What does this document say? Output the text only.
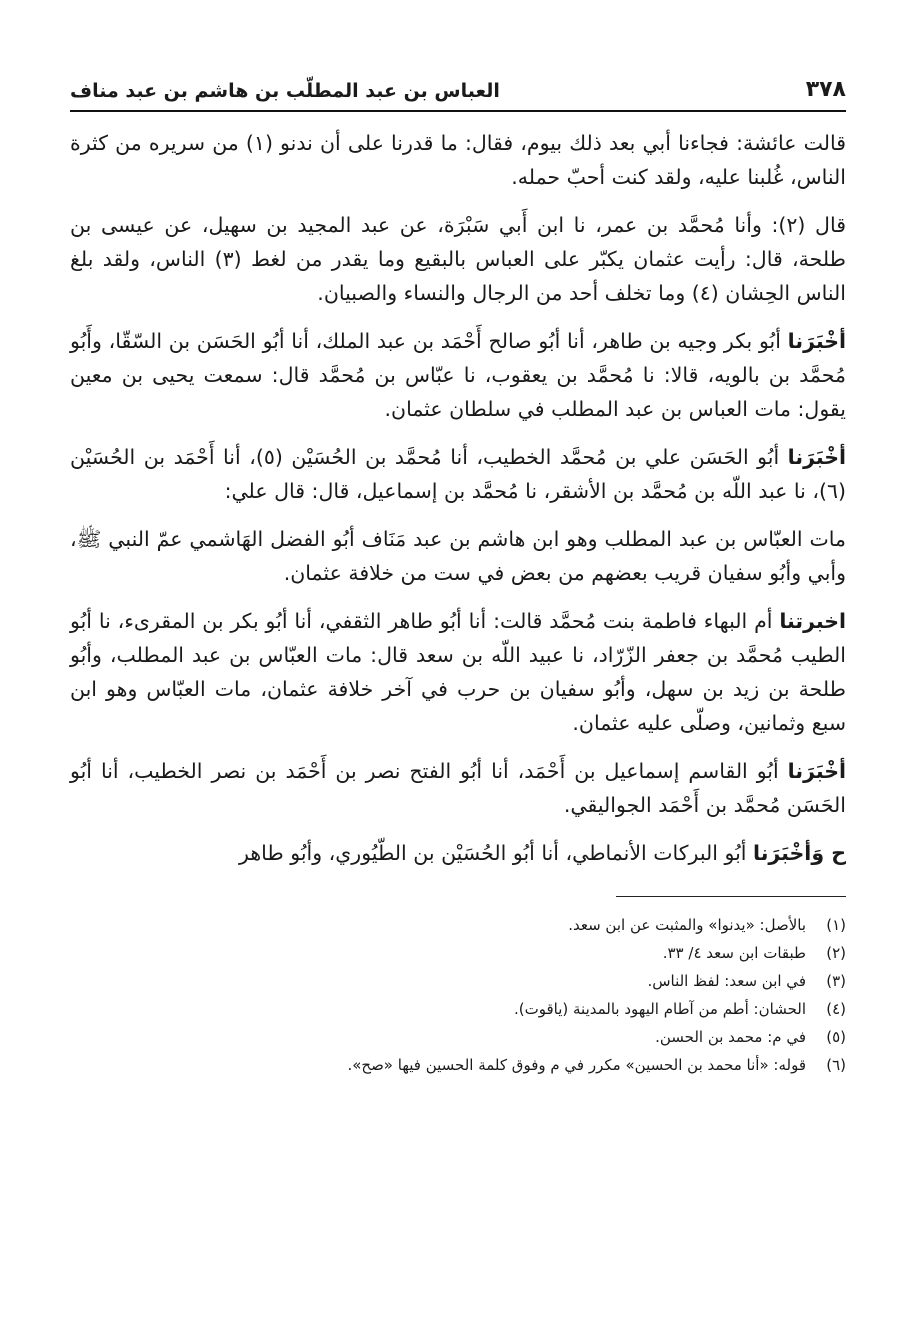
٣٧٨
العباس بن عبد المطلّب بن هاشم بن عبد مناف

قالت عائشة: فجاءنا أبي بعد ذلك بيوم، فقال: ما قدرنا على أن ندنو (١) من سريره من كثرة الناس، غُلبنا عليه، ولقد كنت أحبّ حمله.

قال (٢): وأنا مُحمَّد بن عمر، نا ابن أَبي سَبْرَة، عن عبد المجيد بن سهيل، عن عيسى بن طلحة، قال: رأيت عثمان يكبّر على العباس بالبقيع وما يقدر من لغط (٣) الناس، ولقد بلغ الناس الحِشان (٤) وما تخلف أحد من الرجال والنساء والصبيان.

أخْبَرَنا أبُو بكر وجيه بن طاهر، أنا أبُو صالح أَحْمَد بن عبد الملك، أنا أبُو الحَسَن بن السّقّا، وأَبُو مُحمَّد بن بالويه، قالا: نا مُحمَّد بن يعقوب، نا عبّاس بن مُحمَّد قال: سمعت يحيى بن معين يقول: مات العباس بن عبد المطلب في سلطان عثمان.

أخْبَرَنا أبُو الحَسَن علي بن مُحمَّد الخطيب، أنا مُحمَّد بن الحُسَيْن (٥)، أنا أَحْمَد بن الحُسَيْن (٦)، نا عبد اللّه بن مُحمَّد بن الأشقر، نا مُحمَّد بن إسماعيل، قال: قال علي:

مات العبّاس بن عبد المطلب وهو ابن هاشم بن عبد مَنَاف أبُو الفضل الهَاشمي عمّ النبي ﷺ، وأبي وأبُو سفيان قريب بعضهم من بعض في ست من خلافة عثمان.

اخبرتنا أم البهاء فاطمة بنت مُحمَّد قالت: أنا أبُو طاهر الثقفي، أنا أبُو بكر بن المقرىء، نا أبُو الطيب مُحمَّد بن جعفر الزّرّاد، نا عبيد اللّه بن سعد قال: مات العبّاس بن عبد المطلب، وأبُو طلحة بن زيد بن سهل، وأبُو سفيان بن حرب في آخر خلافة عثمان، مات العبّاس وهو ابن سبع وثمانين، وصلّى عليه عثمان.

أخْبَرَنا أبُو القاسم إسماعيل بن أَحْمَد، أنا أبُو الفتح نصر بن أَحْمَد بن نصر الخطيب، أنا أبُو الحَسَن مُحمَّد بن أَحْمَد الجواليقي.

ح وَأخْبَرَنا أبُو البركات الأنماطي، أنا أبُو الحُسَيْن بن الطّيُوري، وأبُو طاهر

(١)
بالأصل: «يدنوا» والمثبت عن ابن سعد.
(٢)
طبقات ابن سعد ٤/ ٣٣.
(٣)
في ابن سعد: لفظ الناس.
(٤)
الحشان: أطم من آطام اليهود بالمدينة (ياقوت).
(٥)
في م: محمد بن الحسن.
(٦)
قوله: «أنا محمد بن الحسين» مكرر في م وفوق كلمة الحسين فيها «صح».
